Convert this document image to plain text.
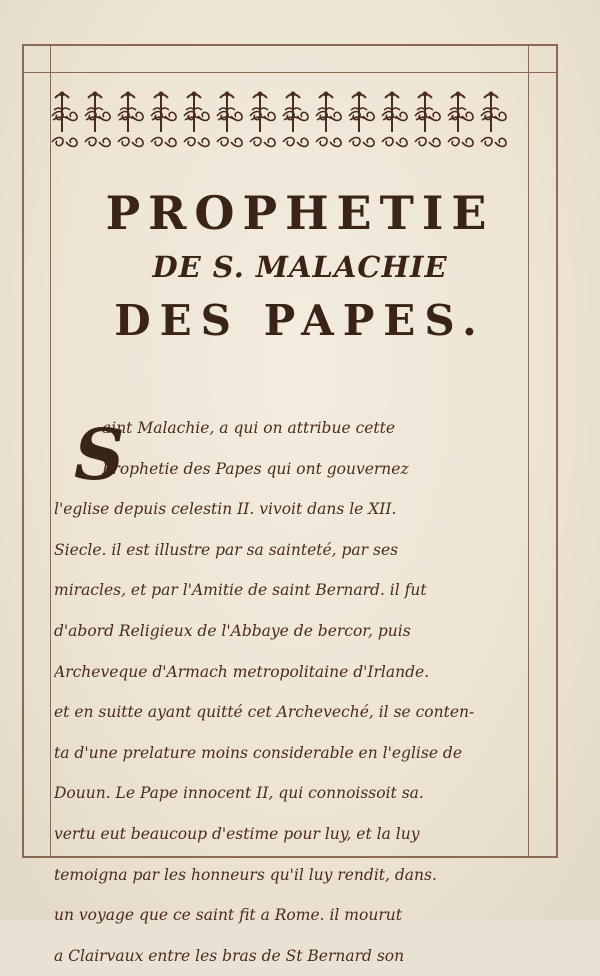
PROPHETIE
DE S. MALACHIE
DES PAPES.
S
aint Malachie, a qui on attribue cette
Prophetie des Papes qui ont gouvernez
l'eglise depuis celestin II. vivoit dans le XII.
Siecle. il est illustre par sa sainteté, par ses
miracles, et par l'Amitie de saint Bernard. il fut
d'abord Religieux de l'Abbaye de bercor, puis
Archeveque d'Armach metropolitaine d'Irlande.
et en suitte ayant quitté cet Archeveché, il se conten-
ta d'une prelature moins considerable en l'eglise de
Douun. Le Pape innocent II, qui connoissoit sa.
vertu eut beaucoup d'estime pour luy, et la luy
temoigna par les honneurs qu'il luy rendit, dans.
un voyage que ce saint fit a Rome. il mourut
a Clairvaux entre les bras de St Bernard son
